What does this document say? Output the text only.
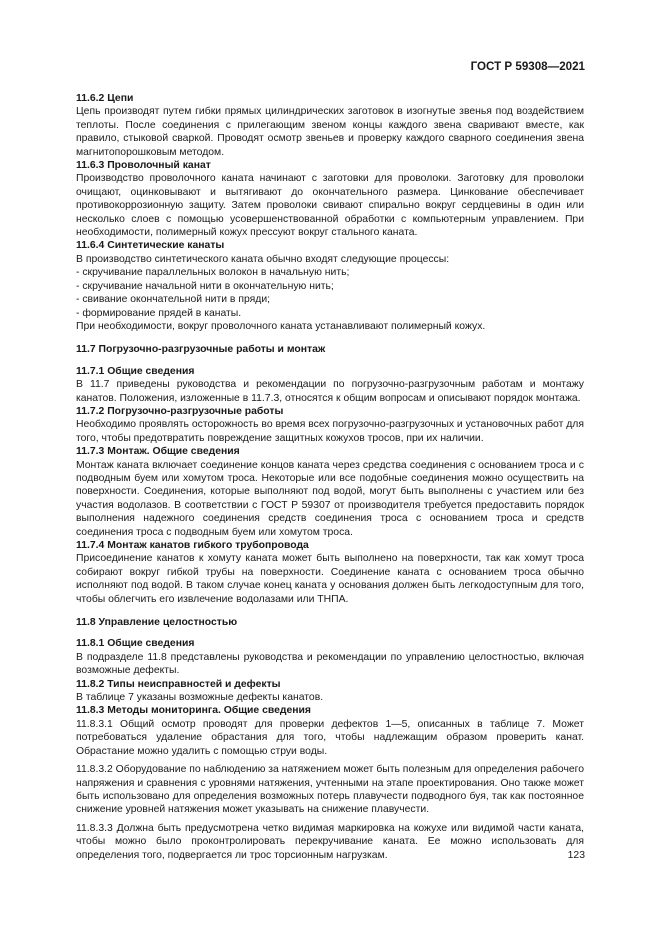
ГОСТ Р 59308—2021

11.6.2 Цепи

Цепь производят путем гибки прямых цилиндрических заготовок в изогнутые звенья под воздействием теплоты. После соединения с прилегающим звеном концы каждого звена сваривают вместе, как правило, стыковой сваркой. Проводят осмотр звеньев и проверку каждого сварного соединения звена магнитопорошковым методом.

11.6.3 Проволочный канат

Производство проволочного каната начинают с заготовки для проволоки. Заготовку для проволоки очищают, оцинковывают и вытягивают до окончательного размера. Цинкование обеспечивает противокоррозионную защиту. Затем проволоки свивают спирально вокруг сердцевины в один или несколько слоев с помощью усовершенствованной обработки с компьютерным управлением. При необходимости, полимерный кожух прессуют вокруг стального каната.

11.6.4 Синтетические канаты

В производство синтетического каната обычно входят следующие процессы:

- скручивание параллельных волокон в начальную нить;

- скручивание начальной нити в окончательную нить;

- свивание окончательной нити в пряди;

- формирование прядей в канаты.

При необходимости, вокруг проволочного каната устанавливают полимерный кожух.

11.7 Погрузочно-разгрузочные работы и монтаж

11.7.1 Общие сведения

В 11.7 приведены руководства и рекомендации по погрузочно-разгрузочным работам и монтажу канатов. Положения, изложенные в 11.7.3, относятся к общим вопросам и описывают порядок монтажа.

11.7.2 Погрузочно-разгрузочные работы

Необходимо проявлять осторожность во время всех погрузочно-разгрузочных и установочных работ для того, чтобы предотвратить повреждение защитных кожухов тросов, при их наличии.

11.7.3 Монтаж. Общие сведения

Монтаж каната включает соединение концов каната через средства соединения с основанием троса и с подводным буем или хомутом троса. Некоторые или все подобные соединения можно осуществить на поверхности. Соединения, которые выполняют под водой, могут быть выполнены с участием или без участия водолазов. В соответствии с ГОСТ Р 59307 от производителя требуется предоставить порядок выполнения надежного соединения средств соединения троса с основанием троса и средств соединения троса с подводным буем или хомутом троса.

11.7.4 Монтаж канатов гибкого трубопровода

Присоединение канатов к хомуту каната может быть выполнено на поверхности, так как хомут троса собирают вокруг гибкой трубы на поверхности. Соединение каната с основанием троса обычно исполняют под водой. В таком случае конец каната у основания должен быть легкодоступным для того, чтобы облегчить его извлечение водолазами или ТНПА.

11.8 Управление целостностью

11.8.1 Общие сведения

В подразделе 11.8 представлены руководства и рекомендации по управлению целостностью, включая возможные дефекты.

11.8.2 Типы неисправностей и дефекты

В таблице 7 указаны возможные дефекты канатов.

11.8.3 Методы мониторинга. Общие сведения

11.8.3.1 Общий осмотр проводят для проверки дефектов 1—5, описанных в таблице 7. Может потребоваться удаление обрастания для того, чтобы надлежащим образом проверить канат. Обрастание можно удалить с помощью струи воды.

11.8.3.2 Оборудование по наблюдению за натяжением может быть полезным для определения рабочего напряжения и сравнения с уровнями натяжения, учтенными на этапе проектирования. Оно также может быть использовано для определения возможных потерь плавучести подводного буя, так как постоянное снижение уровней натяжения может указывать на снижение плавучести.

11.8.3.3 Должна быть предусмотрена четко видимая маркировка на кожухе или видимой части каната, чтобы можно было проконтролировать перекручивание каната. Ее можно использовать для определения того, подвергается ли трос торсионным нагрузкам.	123
